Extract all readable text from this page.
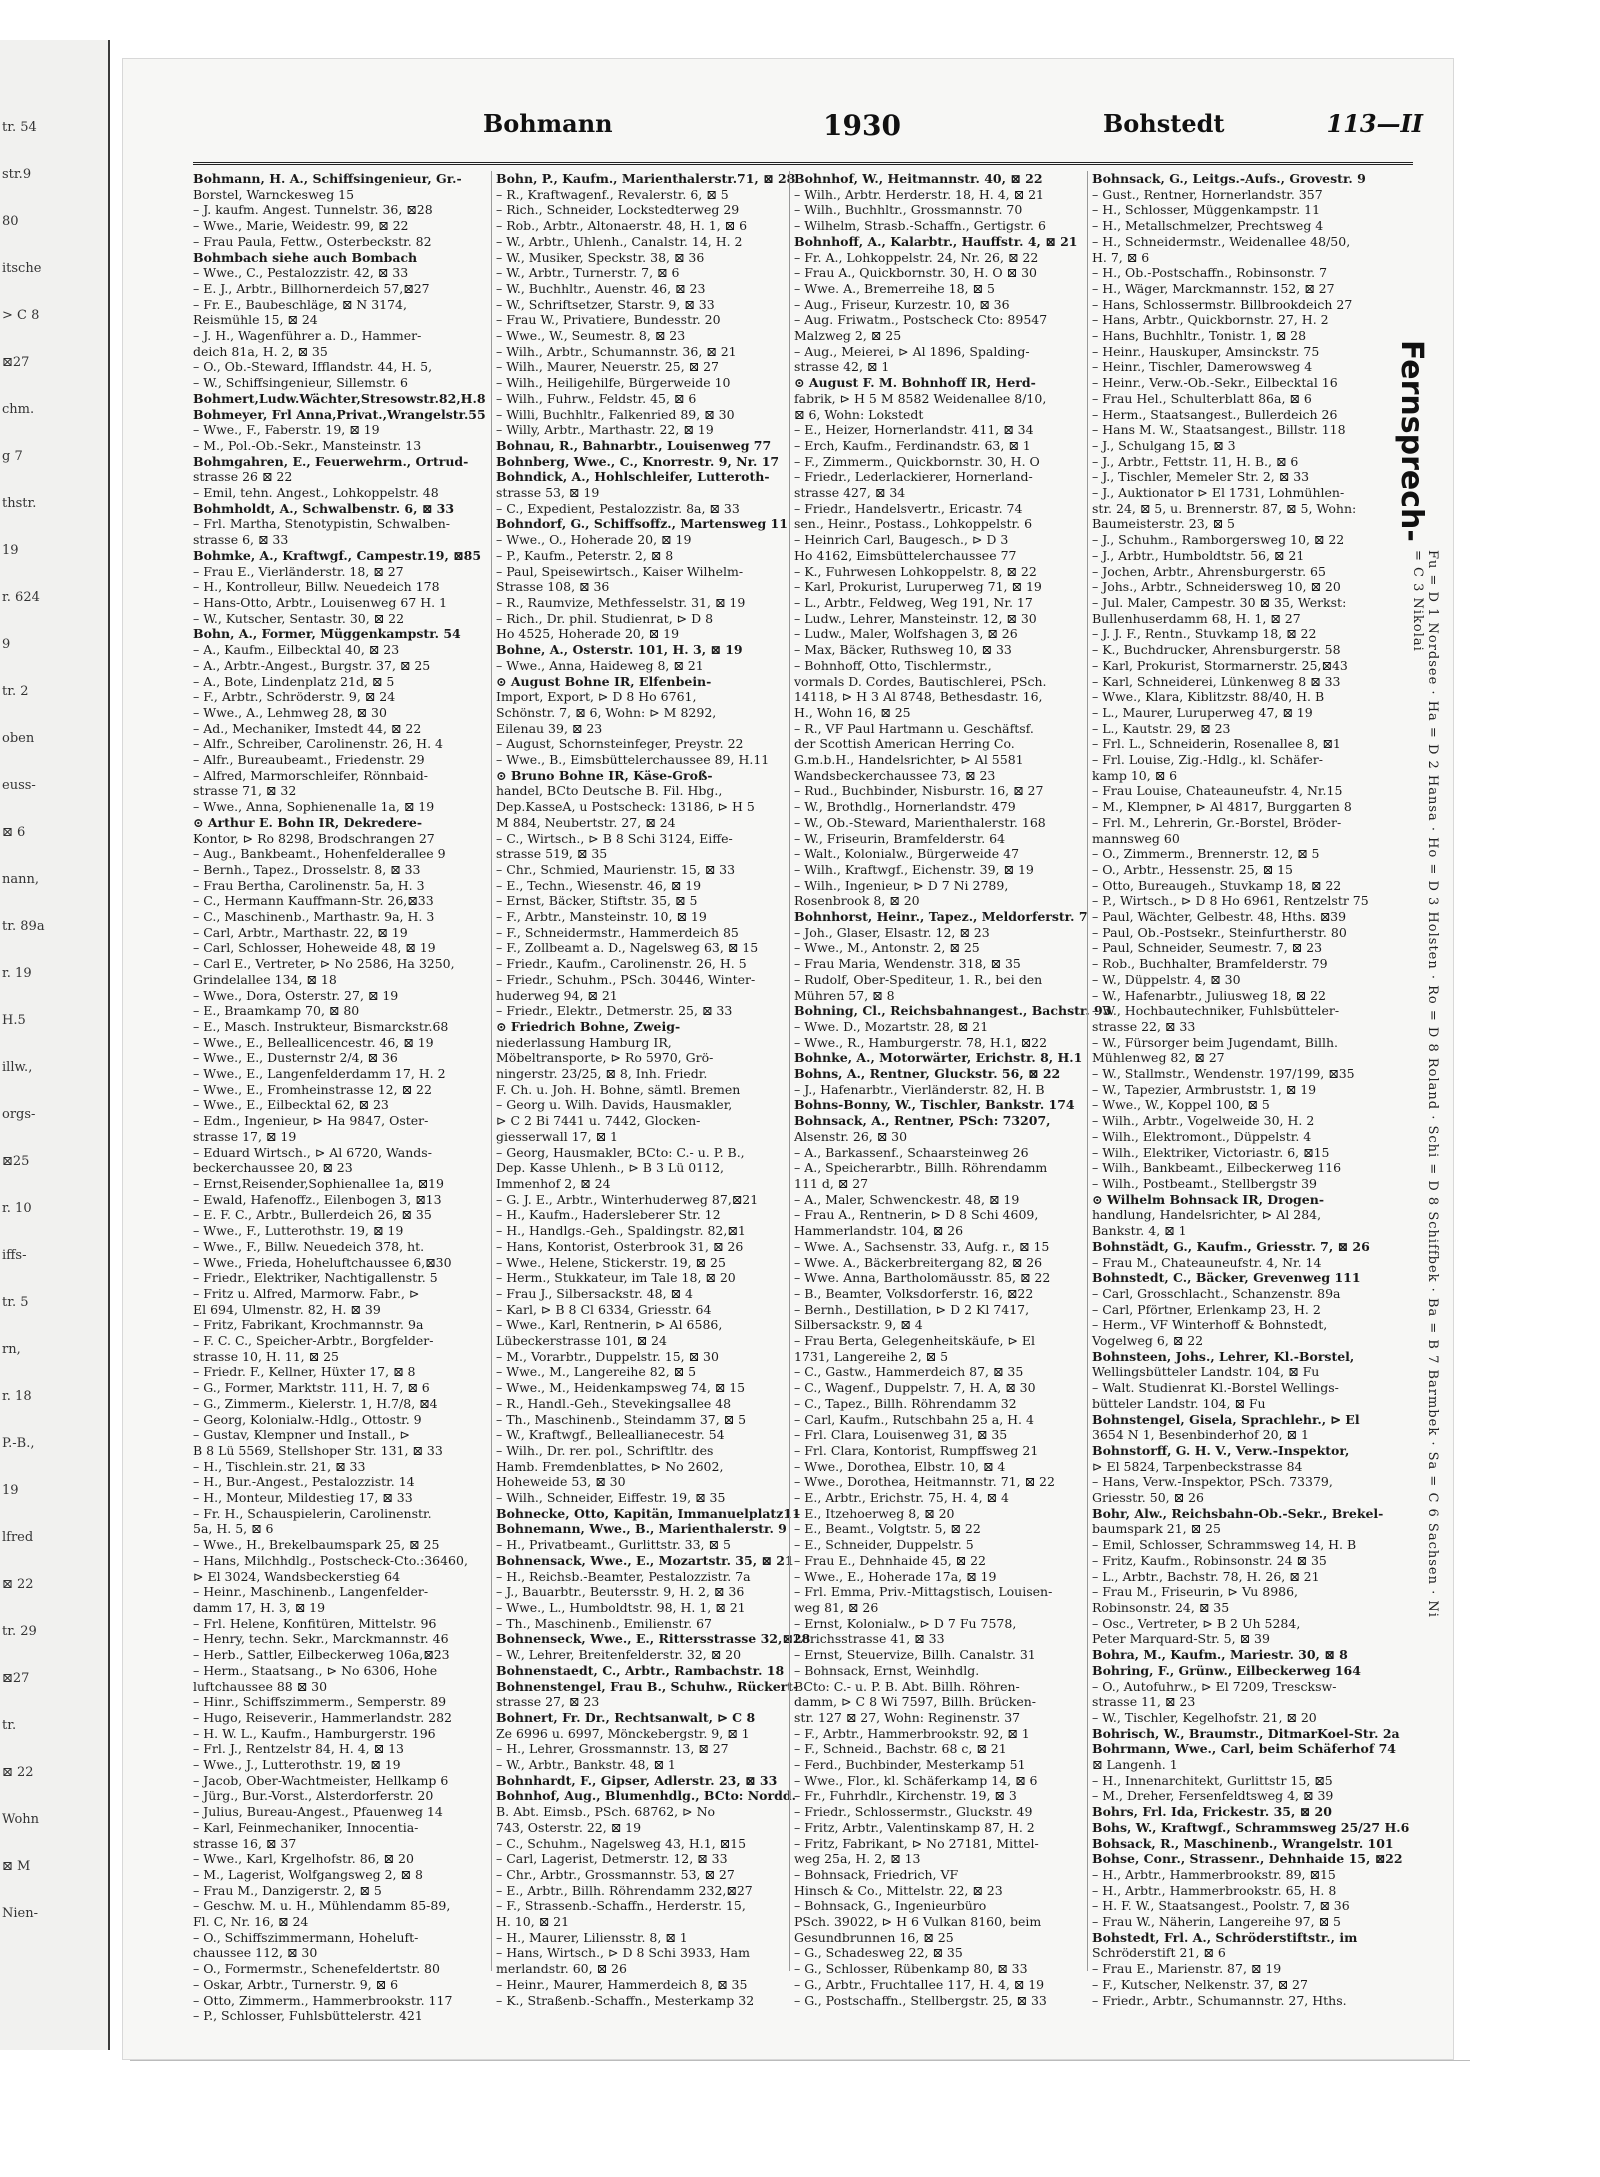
tr. 54
str.9
80
itsche
> C 8
⊠27
chm.
g 7
thstr.
19
r. 624
9
tr. 2
oben
euss-
⊠ 6
nann,
tr. 89a
r. 19
H.5
illw.,
orgs-
⊠25
r. 10
iffs-
tr. 5
rn,
r. 18
P.-B.,
19
lfred
⊠ 22
tr. 29
⊠27
tr.
⊠ 22
Wohn
⊠ M
Nien-
Bohmann	1930	Bohstedt	113—II
Bohmann, H. A., Schiffsingenieur, Gr.-
Borstel, Warnckesweg 15
– J. kaufm. Angest. Tunnelstr. 36, ⊠28
– Wwe., Marie, Weidestr. 99, ⊠ 22
– Frau Paula, Fettw., Osterbeckstr. 82
Bohmbach siehe auch Bombach
– Wwe., C., Pestalozzistr. 42, ⊠ 33
– E. J., Arbtr., Billhornerdeich 57,⊠27
– Fr. E., Baubeschläge, ⊠ N 3174,
Reismühle 15, ⊠ 24
– J. H., Wagenführer a. D., Hammer-
deich 81a, H. 2, ⊠ 35
– O., Ob.-Steward, Ifflandstr. 44, H. 5,
– W., Schiffsingenieur, Sillemstr. 6
Bohmert,Ludw.Wächter,Stresowstr.82,H.8
Bohmeyer, Frl Anna,Privat.,Wrangelstr.55
– Wwe., F., Faberstr. 19, ⊠ 19
– M., Pol.-Ob.-Sekr., Mansteinstr. 13
Bohmgahren, E., Feuerwehrm., Ortrud-
strasse 26 ⊠ 22
– Emil, tehn. Angest., Lohkoppelstr. 48
Bohmholdt, A., Schwalbenstr. 6, ⊠ 33
– Frl. Martha, Stenotypistin, Schwalben-
strasse 6, ⊠ 33
Bohmke, A., Kraftwgf., Campestr.19, ⊠85
– Frau E., Vierländerstr. 18, ⊠ 27
– H., Kontrolleur, Billw. Neuedeich 178
– Hans-Otto, Arbtr., Louisenweg 67 H. 1
– W., Kutscher, Sentastr. 30, ⊠ 22
Bohn, A., Former, Müggenkampstr. 54
– A., Kaufm., Eilbecktal 40, ⊠ 23
– A., Arbtr.-Angest., Burgstr. 37, ⊠ 25
– A., Bote, Lindenplatz 21d, ⊠ 5
– F., Arbtr., Schröderstr. 9, ⊠ 24
– Wwe., A., Lehmweg 28, ⊠ 30
– Ad., Mechaniker, Imstedt 44, ⊠ 22
– Alfr., Schreiber, Carolinenstr. 26, H. 4
– Alfr., Bureaubeamt., Friedenstr. 29
– Alfred, Marmorschleifer, Rönnbaid-
strasse 71, ⊠ 32
– Wwe., Anna, Sophienenalle 1a, ⊠ 19
⊙ Arthur E. Bohn IR, Dekredere-
Kontor, ⊳ Ro 8298, Brodschrangen 27
– Aug., Bankbeamt., Hohenfelderallee 9
– Bernh., Tapez., Drosselstr. 8, ⊠ 33
– Frau Bertha, Carolinenstr. 5a, H. 3
– C., Hermann Kauffmann-Str. 26,⊠33
– C., Maschinenb., Marthastr. 9a, H. 3
– Carl, Arbtr., Marthastr. 22, ⊠ 19
– Carl, Schlosser, Hoheweide 48, ⊠ 19
– Carl E., Vertreter, ⊳ No 2586, Ha 3250,
Grindelallee 134, ⊠ 18
– Wwe., Dora, Osterstr. 27, ⊠ 19
– E., Braamkamp 70, ⊠ 80
– E., Masch. Instrukteur, Bismarckstr.68
– Wwe., E., Belleallicencestr. 46, ⊠ 19
– Wwe., E., Dusternstr 2/4, ⊠ 36
– Wwe., E., Langenfelderdamm 17, H. 2
– Wwe., E., Fromheinstrasse 12, ⊠ 22
– Wwe., E., Eilbecktal 62, ⊠ 23
– Edm., Ingenieur, ⊳ Ha 9847, Oster-
strasse 17, ⊠ 19
– Eduard Wirtsch., ⊳ Al 6720, Wands-
beckerchaussee 20, ⊠ 23
– Ernst,Reisender,Sophienallee 1a, ⊠19
– Ewald, Hafenoffz., Eilenbogen 3, ⊠13
– E. F. C., Arbtr., Bullerdeich 26, ⊠ 35
– Wwe., F., Lutterothstr. 19, ⊠ 19
– Wwe., F., Billw. Neuedeich 378, ht.
– Wwe., Frieda, Hoheluftchaussee 6,⊠30
– Friedr., Elektriker, Nachtigallenstr. 5
– Fritz u. Alfred, Marmorw. Fabr., ⊳
El 694, Ulmenstr. 82, H. ⊠ 39
– Fritz, Fabrikant, Krochmannstr. 9a
– F. C. C., Speicher-Arbtr., Borgfelder-
strasse 10, H. 11, ⊠ 25
– Friedr. F., Kellner, Hüxter 17, ⊠ 8
– G., Former, Marktstr. 111, H. 7, ⊠ 6
– G., Zimmerm., Kielerstr. 1, H.7/8, ⊠4
– Georg, Kolonialw.-Hdlg., Ottostr. 9
– Gustav, Klempner und Install., ⊳
B 8 Lü 5569, Stellshoper Str. 131, ⊠ 33
– H., Tischlein.str. 21, ⊠ 33
– H., Bur.-Angest., Pestalozzistr. 14
– H., Monteur, Mildestieg 17, ⊠ 33
– Fr. H., Schauspielerin, Carolinenstr.
5a, H. 5, ⊠ 6
– Wwe., H., Brekelbaumspark 25, ⊠ 25
– Hans, Milchhdlg., Postscheck-Cto.:36460,
⊳ El 3024, Wandsbeckerstieg 64
– Heinr., Maschinenb., Langenfelder-
damm 17, H. 3, ⊠ 19
– Frl. Helene, Konfitüren, Mittelstr. 96
– Henry, techn. Sekr., Marckmannstr. 46
– Herb., Sattler, Eilbeckerweg 106a,⊠23
– Herm., Staatsang., ⊳ No 6306, Hohe
luftchaussee 88 ⊠ 30
– Hinr., Schiffszimmerm., Semperstr. 89
– Hugo, Reiseverir., Hammerlandstr. 282
– H. W. L., Kaufm., Hamburgerstr. 196
– Frl. J., Rentzelstr 84, H. 4, ⊠ 13
– Wwe., J., Lutterothstr. 19, ⊠ 19
– Jacob, Ober-Wachtmeister, Hellkamp 6
– Jürg., Bur.-Vorst., Alsterdorferstr. 20
– Julius, Bureau-Angest., Pfauenweg 14
– Karl, Feinmechaniker, Innocentia-
strasse 16, ⊠ 37
– Wwe., Karl, Krgelhofstr. 86, ⊠ 20
– M., Lagerist, Wolfgangsweg 2, ⊠ 8
– Frau M., Danzigerstr. 2, ⊠ 5
– Geschw. M. u. H., Mühlendamm 85-89,
Fl. C, Nr. 16, ⊠ 24
– O., Schiffszimmermann, Hoheluft-
chaussee 112, ⊠ 30
– O., Formermstr., Schenefeldertstr. 80
– Oskar, Arbtr., Turnerstr. 9, ⊠ 6
– Otto, Zimmerm., Hammerbrookstr. 117
– P., Schlosser, Fuhlsbüttelerstr. 421
Bohn, P., Kaufm., Marienthalerstr.71, ⊠ 28
– R., Kraftwagenf., Revalerstr. 6, ⊠ 5
– Rich., Schneider, Lockstedterweg 29
– Rob., Arbtr., Altonaerstr. 48, H. 1, ⊠ 6
– W., Arbtr., Uhlenh., Canalstr. 14, H. 2
– W., Musiker, Speckstr. 38, ⊠ 36
– W., Arbtr., Turnerstr. 7, ⊠ 6
– W., Buchhltr., Auenstr. 46, ⊠ 23
– W., Schriftsetzer, Starstr. 9, ⊠ 33
– Frau W., Privatiere, Bundesstr. 20
– Wwe., W., Seumestr. 8, ⊠ 23
– Wilh., Arbtr., Schumannstr. 36, ⊠ 21
– Wilh., Maurer, Neuerstr. 25, ⊠ 27
– Wilh., Heiligehilfe, Bürgerweide 10
– Wilh., Fuhrw., Feldstr. 45, ⊠ 6
– Willi, Buchhltr., Falkenried 89, ⊠ 30
– Willy, Arbtr., Marthastr. 22, ⊠ 19
Bohnau, R., Bahnarbtr., Louisenweg 77
Bohnberg, Wwe., C., Knorrestr. 9, Nr. 17
Bohndick, A., Hohlschleifer, Lutteroth-
strasse 53, ⊠ 19
– C., Expedient, Pestalozzistr. 8a, ⊠ 33
Bohndorf, G., Schiffsoffz., Martensweg 11
– Wwe., O., Hoherade 20, ⊠ 19
– P., Kaufm., Peterstr. 2, ⊠ 8
– Paul, Speisewirtsch., Kaiser Wilhelm-
Strasse 108, ⊠ 36
– R., Raumvize, Methfesselstr. 31, ⊠ 19
– Rich., Dr. phil. Studienrat, ⊳ D 8
Ho 4525, Hoherade 20, ⊠ 19
Bohne, A., Osterstr. 101, H. 3, ⊠ 19
– Wwe., Anna, Haideweg 8, ⊠ 21
⊙ August Bohne IR, Elfenbein-
Import, Export, ⊳ D 8 Ho 6761,
Schönstr. 7, ⊠ 6, Wohn: ⊳ M 8292,
Eilenau 39, ⊠ 23
– August, Schornsteinfeger, Preystr. 22
– Wwe., B., Eimsbüttelerchaussee 89, H.11
⊙ Bruno Bohne IR, Käse-Groß-
handel, BCto Deutsche B. Fil. Hbg.,
Dep.KasseA, u Postscheck: 13186, ⊳ H 5
M 884, Neubertstr. 27, ⊠ 24
– C., Wirtsch., ⊳ B 8 Schi 3124, Eiffe-
strasse 519, ⊠ 35
– Chr., Schmied, Maurienstr. 15, ⊠ 33
– E., Techn., Wiesenstr. 46, ⊠ 19
– Ernst, Bäcker, Stiftstr. 35, ⊠ 5
– F., Arbtr., Mansteinstr. 10, ⊠ 19
– F., Schneidermstr., Hammerdeich 85
– F., Zollbeamt a. D., Nagelsweg 63, ⊠ 15
– Friedr., Kaufm., Carolinenstr. 26, H. 5
– Friedr., Schuhm., PSch. 30446, Winter-
huderweg 94, ⊠ 21
– Friedr., Elektr., Detmerstr. 25, ⊠ 33
⊙ Friedrich Bohne, Zweig-
niederlassung Hamburg IR,
Möbeltransporte, ⊳ Ro 5970, Grö-
ningerstr. 23/25, ⊠ 8, Inh. Friedr.
F. Ch. u. Joh. H. Bohne, sämtl. Bremen
– Georg u. Wilh. Davids, Hausmakler,
⊳ C 2 Bi 7441 u. 7442, Glocken-
giesserwall 17, ⊠ 1
– Georg, Hausmakler, BCto: C.- u. P. B.,
Dep. Kasse Uhlenh., ⊳ B 3 Lü 0112,
Immenhof 2, ⊠ 24
– G. J. E., Arbtr., Winterhuderweg 87,⊠21
– H., Kaufm., Hadersleberer Str. 12
– H., Handlgs.-Geh., Spaldingstr. 82,⊠1
– Hans, Kontorist, Osterbrook 31, ⊠ 26
– Wwe., Helene, Stickerstr. 19, ⊠ 25
– Herm., Stukkateur, im Tale 18, ⊠ 20
– Frau J., Silbersackstr. 48, ⊠ 4
– Karl, ⊳ B 8 Cl 6334, Griesstr. 64
– Wwe., Karl, Rentnerin, ⊳ Al 6586,
Lübeckerstrasse 101, ⊠ 24
– M., Vorarbtr., Duppelstr. 15, ⊠ 30
– Wwe., M., Langereihe 82, ⊠ 5
– Wwe., M., Heidenkampsweg 74, ⊠ 15
– R., Handl.-Geh., Stevekingsallee 48
– Th., Maschinenb., Steindamm 37, ⊠ 5
– W., Kraftwgf., Belleallianecestr. 54
– Wilh., Dr. rer. pol., Schriftltr. des
Hamb. Fremdenblattes, ⊳ No 2602,
Hoheweide 53, ⊠ 30
– Wilh., Schneider, Eiffestr. 19, ⊠ 35
Bohnecke, Otto, Kapitän, Immanuelplatz11
Bohnemann, Wwe., B., Marienthalerstr. 9
– H., Privatbeamt., Gurlittstr. 33, ⊠ 5
Bohnensack, Wwe., E., Mozartstr. 35, ⊠ 21
– H., Reichsb.-Beamter, Pestalozzistr. 7a
– J., Bauarbtr., Beutersstr. 9, H. 2, ⊠ 36
– Wwe., L., Humboldtstr. 98, H. 1, ⊠ 21
– Th., Maschinenb., Emilienstr. 67
Bohnenseck, Wwe., E., Rittersstrasse 32,⊠28
– W., Lehrer, Breitenfelderstr. 32, ⊠ 20
Bohnenstaedt, C., Arbtr., Rambachstr. 18
Bohnenstengel, Frau B., Schuhw., Rückert-
strasse 27, ⊠ 23
Bohnert, Fr. Dr., Rechtsanwalt, ⊳ C 8
Ze 6996 u. 6997, Mönckebergstr. 9, ⊠ 1
– H., Lehrer, Grossmannstr. 13, ⊠ 27
– W., Arbtr., Bankstr. 48, ⊠ 1
Bohnhardt, F., Gipser, Adlerstr. 23, ⊠ 33
Bohnhof, Aug., Blumenhdlg., BCto: Nordd.
B. Abt. Eimsb., PSch. 68762, ⊳ No
743, Osterstr. 22, ⊠ 19
– C., Schuhm., Nagelsweg 43, H.1, ⊠15
– Carl, Lagerist, Detmerstr. 12, ⊠ 33
– Chr., Arbtr., Grossmannstr. 53, ⊠ 27
– E., Arbtr., Billh. Röhrendamm 232,⊠27
– F., Strassenb.-Schaffn., Herderstr. 15,
H. 10, ⊠ 21
– H., Maurer, Liliensstr. 8, ⊠ 1
– Hans, Wirtsch., ⊳ D 8 Schi 3933, Ham
merlandstr. 60, ⊠ 26
– Heinr., Maurer, Hammerdeich 8, ⊠ 35
– K., Straßenb.-Schaffn., Mesterkamp 32
Bohnhof, W., Heitmannstr. 40, ⊠ 22
– Wilh., Arbtr. Herderstr. 18, H. 4, ⊠ 21
– Wilh., Buchhltr., Grossmannstr. 70
– Wilhelm, Strasb.-Schaffn., Gertigstr. 6
Bohnhoff, A., Kalarbtr., Hauffstr. 4, ⊠ 21
– Fr. A., Lohkoppelstr. 24, Nr. 26, ⊠ 22
– Frau A., Quickbornstr. 30, H. O ⊠ 30
– Wwe. A., Bremerreihe 18, ⊠ 5
– Aug., Friseur, Kurzestr. 10, ⊠ 36
– Aug. Friwatm., Postscheck Cto: 89547
Malzweg 2, ⊠ 25
– Aug., Meierei, ⊳ Al 1896, Spalding-
strasse 42, ⊠ 1
⊙ August F. M. Bohnhoff IR, Herd-
fabrik, ⊳ H 5 M 8582 Weidenallee 8/10,
⊠ 6, Wohn: Lokstedt
– E., Heizer, Hornerlandstr. 411, ⊠ 34
– Erch, Kaufm., Ferdinandstr. 63, ⊠ 1
– F., Zimmerm., Quickbornstr. 30, H. O
– Friedr., Lederlackierer, Hornerland-
strasse 427, ⊠ 34
– Friedr., Handelsvertr., Ericastr. 74
sen., Heinr., Postass., Lohkoppelstr. 6
– Heinrich Carl, Baugesch., ⊳ D 3
Ho 4162, Eimsbüttelerchaussee 77
– K., Fuhrwesen Lohkoppelstr. 8, ⊠ 22
– Karl, Prokurist, Luruperweg 71, ⊠ 19
– L., Arbtr., Feldweg, Weg 191, Nr. 17
– Ludw., Lehrer, Mansteinstr. 12, ⊠ 30
– Ludw., Maler, Wolfshagen 3, ⊠ 26
– Max, Bäcker, Ruthsweg 10, ⊠ 33
– Bohnhoff, Otto, Tischlermstr.,
vormals D. Cordes, Bautischlerei, PSch.
14118, ⊳ H 3 Al 8748, Bethesdastr. 16,
H., Wohn 16, ⊠ 25
– R., VF Paul Hartmann u. Geschäftsf.
der Scottish American Herring Co.
G.m.b.H., Handelsrichter, ⊳ Al 5581
Wandsbeckerchaussee 73, ⊠ 23
– Rud., Buchbinder, Nisburstr. 16, ⊠ 27
– W., Brothdlg., Hornerlandstr. 479
– W., Ob.-Steward, Marienthalerstr. 168
– W., Friseurin, Bramfelderstr. 64
– Walt., Kolonialw., Bürgerweide 47
– Wilh., Kraftwgf., Eichenstr. 39, ⊠ 19
– Wilh., Ingenieur, ⊳ D 7 Ni 2789,
Rosenbrook 8, ⊠ 20
Bohnhorst, Heinr., Tapez., Meldorferstr. 7
– Joh., Glaser, Elsastr. 12, ⊠ 23
– Wwe., M., Antonstr. 2, ⊠ 25
– Frau Maria, Wendenstr. 318, ⊠ 35
– Rudolf, Ober-Spediteur, 1. R., bei den
Mühren 57, ⊠ 8
Bohning, Cl., Reichsbahnangest., Bachstr. 93
– Wwe. D., Mozartstr. 28, ⊠ 21
– Wwe., R., Hamburgerstr. 78, H.1, ⊠22
Bohnke, A., Motorwärter, Erichstr. 8, H.1
Bohns, A., Rentner, Gluckstr. 56, ⊠ 22
– J., Hafenarbtr., Vierländerstr. 82, H. B
Bohns-Bonny, W., Tischler, Bankstr. 174
Bohnsack, A., Rentner, PSch: 73207,
Alsenstr. 26, ⊠ 30
– A., Barkassenf., Schaarsteinweg 26
– A., Speicherarbtr., Billh. Röhrendamm
111 d, ⊠ 27
– A., Maler, Schwenckestr. 48, ⊠ 19
– Frau A., Rentnerin, ⊳ D 8 Schi 4609,
Hammerlandstr. 104, ⊠ 26
– Wwe. A., Sachsenstr. 33, Aufg. r., ⊠ 15
– Wwe. A., Bäckerbreitergang 82, ⊠ 26
– Wwe. Anna, Bartholomäusstr. 85, ⊠ 22
– B., Beamter, Volksdorferstr. 16, ⊠22
– Bernh., Destillation, ⊳ D 2 Kl 7417,
Silbersackstr. 9, ⊠ 4
– Frau Berta, Gelegenheitskäufe, ⊳ El
1731, Langereihe 2, ⊠ 5
– C., Gastw., Hammerdeich 87, ⊠ 35
– C., Wagenf., Duppelstr. 7, H. A, ⊠ 30
– C., Tapez., Billh. Röhrendamm 32
– Carl, Kaufm., Rutschbahn 25 a, H. 4
– Frl. Clara, Louisenweg 31, ⊠ 35
– Frl. Clara, Kontorist, Rumpffsweg 21
– Wwe., Dorothea, Elbstr. 10, ⊠ 4
– Wwe., Dorothea, Heitmannstr. 71, ⊠ 22
– E., Arbtr., Erichstr. 75, H. 4, ⊠ 4
– E., Itzehoerweg 8, ⊠ 20
– E., Beamt., Volgtstr. 5, ⊠ 22
– E., Schneider, Duppelstr. 5
– Frau E., Dehnhaide 45, ⊠ 22
– Wwe., E., Hoherade 17a, ⊠ 19
– Frl. Emma, Priv.-Mittagstisch, Louisen-
weg 81, ⊠ 26
– Ernst, Kolonialw., ⊳ D 7 Fu 7578,
Lorichsstrasse 41, ⊠ 33
– Ernst, Steuervize, Billh. Canalstr. 31
– Bohnsack, Ernst, Weinhdlg.
BCto: C.- u. P. B. Abt. Billh. Röhren-
damm, ⊳ C 8 Wi 7597, Billh. Brücken-
str. 127 ⊠ 27, Wohn: Reginenstr. 37
– F., Arbtr., Hammerbrookstr. 92, ⊠ 1
– F., Schneid., Bachstr. 68 c, ⊠ 21
– Ferd., Buchbinder, Mesterkamp 51
– Wwe., Flor., kl. Schäferkamp 14, ⊠ 6
– Fr., Fuhrhdlr., Kirchenstr. 19, ⊠ 3
– Friedr., Schlossermstr., Gluckstr. 49
– Fritz, Arbtr., Valentinskamp 87, H. 2
– Fritz, Fabrikant, ⊳ No 27181, Mittel-
weg 25a, H. 2, ⊠ 13
– Bohnsack, Friedrich, VF
Hinsch & Co., Mittelstr. 22, ⊠ 23
– Bohnsack, G., Ingenieurbüro
PSch. 39022, ⊳ H 6 Vulkan 8160, beim
Gesundbrunnen 16, ⊠ 25
– G., Schadesweg 22, ⊠ 35
– G., Schlosser, Rübenkamp 80, ⊠ 33
– G., Arbtr., Fruchtallee 117, H. 4, ⊠ 19
– G., Postschaffn., Stellbergstr. 25, ⊠ 33
Bohnsack, G., Leitgs.-Aufs., Grovestr. 9
– Gust., Rentner, Hornerlandstr. 357
– H., Schlosser, Müggenkampstr. 11
– H., Metallschmelzer, Prechtsweg 4
– H., Schneidermstr., Weidenallee 48/50,
H. 7, ⊠ 6
– H., Ob.-Postschaffn., Robinsonstr. 7
– H., Wäger, Marckmannstr. 152, ⊠ 27
– Hans, Schlossermstr. Billbrookdeich 27
– Hans, Arbtr., Quickbornstr. 27, H. 2
– Hans, Buchhltr., Tonistr. 1, ⊠ 28
– Heinr., Hauskuper, Amsinckstr. 75
– Heinr., Tischler, Damerowsweg 4
– Heinr., Verw.-Ob.-Sekr., Eilbecktal 16
– Frau Hel., Schulterblatt 86a, ⊠ 6
– Herm., Staatsangest., Bullerdeich 26
– Hans M. W., Staatsangest., Billstr. 118
– J., Schulgang 15, ⊠ 3
– J., Arbtr., Fettstr. 11, H. B., ⊠ 6
– J., Tischler, Memeler Str. 2, ⊠ 33
– J., Auktionator ⊳ El 1731, Lohmühlen-
str. 24, ⊠ 5, u. Brennerstr. 87, ⊠ 5, Wohn:
Baumeisterstr. 23, ⊠ 5
– J., Schuhm., Ramborgersweg 10, ⊠ 22
– J., Arbtr., Humboldtstr. 56, ⊠ 21
– Jochen, Arbtr., Ahrensburgerstr. 65
– Johs., Arbtr., Schneidersweg 10, ⊠ 20
– Jul. Maler, Campestr. 30 ⊠ 35, Werkst:
Bullenhuserdamm 68, H. 1, ⊠ 27
– J. J. F., Rentn., Stuvkamp 18, ⊠ 22
– K., Buchdrucker, Ahrensburgerstr. 58
– Karl, Prokurist, Stormarnerstr. 25,⊠43
– Karl, Schneiderei, Lünkenweg 8 ⊠ 33
– Wwe., Klara, Kiblitzstr. 88/40, H. B
– L., Maurer, Luruperweg 47, ⊠ 19
– L., Kautstr. 29, ⊠ 23
– Frl. L., Schneiderin, Rosenallee 8, ⊠1
– Frl. Louise, Zig.-Hdlg., kl. Schäfer-
kamp 10, ⊠ 6
– Frau Louise, Chateauneufstr. 4, Nr.15
– M., Klempner, ⊳ Al 4817, Burggarten 8
– Frl. M., Lehrerin, Gr.-Borstel, Bröder-
mannsweg 60
– O., Zimmerm., Brennerstr. 12, ⊠ 5
– O., Arbtr., Hessenstr. 25, ⊠ 15
– Otto, Bureaugeh., Stuvkamp 18, ⊠ 22
– P., Wirtsch., ⊳ D 8 Ho 6961, Rentzelstr 75
– Paul, Wächter, Gelbestr. 48, Hths. ⊠39
– Paul, Ob.-Postsekr., Steinfurtherstr. 80
– Paul, Schneider, Seumestr. 7, ⊠ 23
– Rob., Buchhalter, Bramfelderstr. 79
– W., Düppelstr. 4, ⊠ 30
– W., Hafenarbtr., Juliusweg 18, ⊠ 22
– W., Hochbautechniker, Fuhlsbütteler-
strasse 22, ⊠ 33
– W., Fürsorger beim Jugendamt, Billh.
Mühlenweg 82, ⊠ 27
– W., Stallmstr., Wendenstr. 197/199, ⊠35
– W., Tapezier, Armbruststr. 1, ⊠ 19
– Wwe., W., Koppel 100, ⊠ 5
– Wilh., Arbtr., Vogelweide 30, H. 2
– Wilh., Elektromont., Düppelstr. 4
– Wilh., Elektriker, Victoriastr. 6, ⊠15
– Wilh., Bankbeamt., Eilbeckerweg 116
– Wilh., Postbeamt., Stellbergstr 39
⊙ Wilhelm Bohnsack IR, Drogen-
handlung, Handelsrichter, ⊳ Al 284,
Bankstr. 4, ⊠ 1
Bohnstädt, G., Kaufm., Griesstr. 7, ⊠ 26
– Frau M., Chateauneufstr. 4, Nr. 14
Bohnstedt, C., Bäcker, Grevenweg 111
– Carl, Grosschlacht., Schanzenstr. 89a
– Carl, Pförtner, Erlenkamp 23, H. 2
– Herm., VF Winterhoff & Bohnstedt,
Vogelweg 6, ⊠ 22
Bohnsteen, Johs., Lehrer, Kl.-Borstel,
Wellingsbütteler Landstr. 104, ⊠ Fu
– Walt. Studienrat Kl.-Borstel Wellings-
bütteler Landstr. 104, ⊠ Fu
Bohnstengel, Gisela, Sprachlehr., ⊳ El
3654 N 1, Besenbinderhof 20, ⊠ 1
Bohnstorff, G. H. V., Verw.-Inspektor,
⊳ El 5824, Tarpenbeckstrasse 84
– Hans, Verw.-Inspektor, PSch. 73379,
Griesstr. 50, ⊠ 26
Bohr, Alw., Reichsbahn-Ob.-Sekr., Brekel-
baumspark 21, ⊠ 25
– Emil, Schlosser, Schrammsweg 14, H. B
– Fritz, Kaufm., Robinsonstr. 24 ⊠ 35
– L., Arbtr., Bachstr. 78, H. 26, ⊠ 21
– Frau M., Friseurin, ⊳ Vu 8986,
Robinsonstr. 24, ⊠ 35
– Osc., Vertreter, ⊳ B 2 Uh 5284,
Peter Marquard-Str. 5, ⊠ 39
Bohra, M., Kaufm., Mariestr. 30, ⊠ 8
Bohring, F., Grünw., Eilbeckerweg 164
– O., Autofuhrw., ⊳ El 7209, Trescksw-
strasse 11, ⊠ 23
– W., Tischler, Kegelhofstr. 21, ⊠ 20
Bohrisch, W., Braumstr., DitmarKoel-Str. 2a
Bohrmann, Wwe., Carl, beim Schäferhof 74
⊠ Langenh. 1
– H., Innenarchitekt, Gurlittstr 15, ⊠5
– M., Dreher, Fersenfeldtsweg 4, ⊠ 39
Bohrs, Frl. Ida, Frickestr. 35, ⊠ 20
Bohs, W., Kraftwgf., Schrammsweg 25/27 H.6
Bohsack, R., Maschinenb., Wrangelstr. 101
Bohse, Conr., Strassenr., Dehnhaide 15, ⊠22
– H., Arbtr., Hammerbrookstr. 89, ⊠15
– H., Arbtr., Hammerbrookstr. 65, H. 8
– H. F. W., Staatsangest., Poolstr. 7, ⊠ 36
– Frau W., Näherin, Langereihe 97, ⊠ 5
Bohstedt, Frl. A., Schröderstiftstr., im
Schröderstift 21, ⊠ 6
– Frau E., Marienstr. 87, ⊠ 19
– F., Kutscher, Nelkenstr. 37, ⊠ 27
– Friedr., Arbtr., Schumannstr. 27, Hths.
Fernsprech-
Fu = D 1 Nordsee · Ha = D 2 Hansa · Ho = D 3 Holsten · Ro = D 8 Roland · Schi = D 8 Schiffbek · Ba = B 7 Barmbek · Sa = C 6 Sachsen · Ni = C 3 Nikolai
